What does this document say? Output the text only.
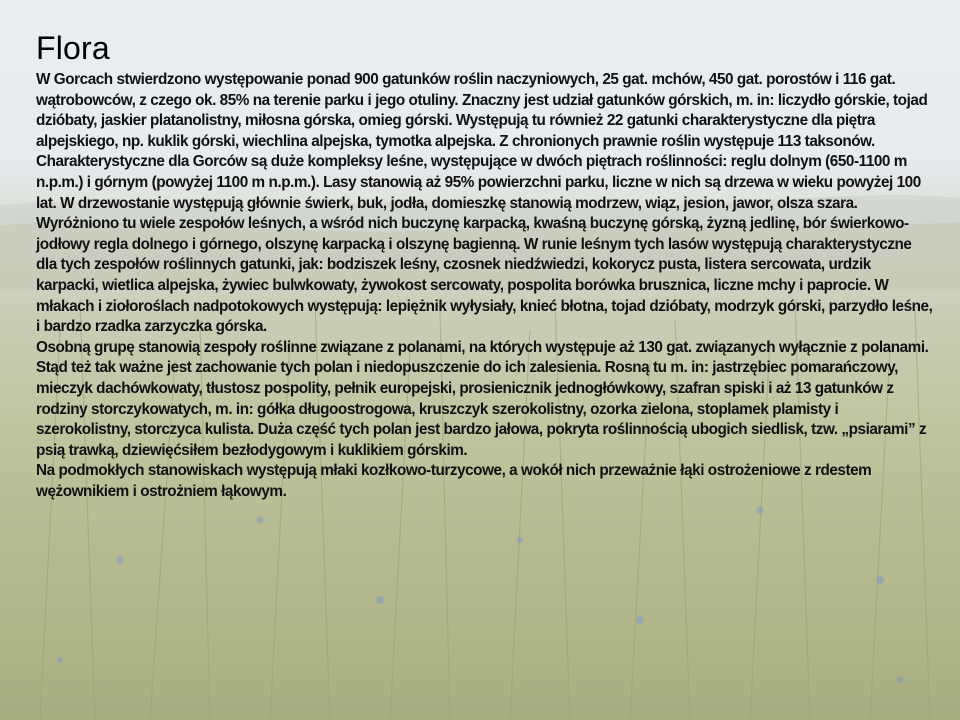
Flora

W Gorcach stwierdzono występowanie ponad 900 gatunków roślin naczyniowych, 25 gat. mchów, 450 gat. porostów i 116 gat. wątrobowców, z czego ok. 85% na terenie parku i jego otuliny. Znaczny jest udział gatunków górskich, m. in: liczydło górskie, tojad dzióbaty, jaskier platanolistny, miłosna górska, omieg górski. Występują tu również 22 gatunki charakterystyczne dla piętra alpejskiego, np. kuklik górski, wiechlina alpejska, tymotka alpejska. Z chronionych prawnie roślin występuje 113 taksonów.

Charakterystyczne dla Gorców są duże kompleksy leśne, występujące w dwóch piętrach roślinności: reglu dolnym (650-1100 m n.p.m.) i górnym (powyżej 1100 m n.p.m.). Lasy stanowią aż 95% powierzchni parku, liczne w nich są drzewa w wieku powyżej 100 lat. W drzewostanie występują głównie świerk, buk, jodła, domieszkę stanowią modrzew, wiąz, jesion, jawor, olsza szara.

Wyróżniono tu wiele zespołów leśnych, a wśród nich buczynę karpacką, kwaśną buczynę górską, żyzną jedlinę, bór świerkowo-jodłowy regla dolnego i górnego, olszynę karpacką i olszynę bagienną. W runie leśnym tych lasów występują charakterystyczne dla tych zespołów roślinnych gatunki, jak: bodziszek leśny, czosnek niedźwiedzi, kokorycz pusta, listera sercowata, urdzik karpacki, wietlica alpejska, żywiec bulwkowaty, żywokost sercowaty, pospolita borówka brusznica, liczne mchy i paprocie. W młakach i ziołoroślach nadpotokowych występują: lepiężnik wyłysiały, knieć błotna, tojad dzióbaty, modrzyk górski, parzydło leśne, i bardzo rzadka zarzyczka górska.

Osobną grupę stanowią zespoły roślinne związane z polanami, na których występuje aż 130 gat. związanych wyłącznie z polanami. Stąd też tak ważne jest zachowanie tych polan i niedopuszczenie do ich zalesienia. Rosną tu m. in: jastrzębiec pomarańczowy, mieczyk dachówkowaty, tłustosz pospolity, pełnik europejski, prosienicznik jednogłówkowy, szafran spiski i aż 13 gatunków z rodziny storczykowatych, m. in: gółka długoostrogowa, kruszczyk szerokolistny, ozorka zielona, stoplamek plamisty i szerokolistny, storczyca kulista. Duża część tych polan jest bardzo jałowa, pokryta roślinnością ubogich siedlisk, tzw. „psiarami” z psią trawką, dziewięćsiłem bezłodygowym i kuklikiem górskim.

Na podmokłych stanowiskach występują młaki kozłkowo-turzycowe, a wokół nich przeważnie łąki ostrożeniowe z rdestem wężownikiem i ostrożniem łąkowym.
